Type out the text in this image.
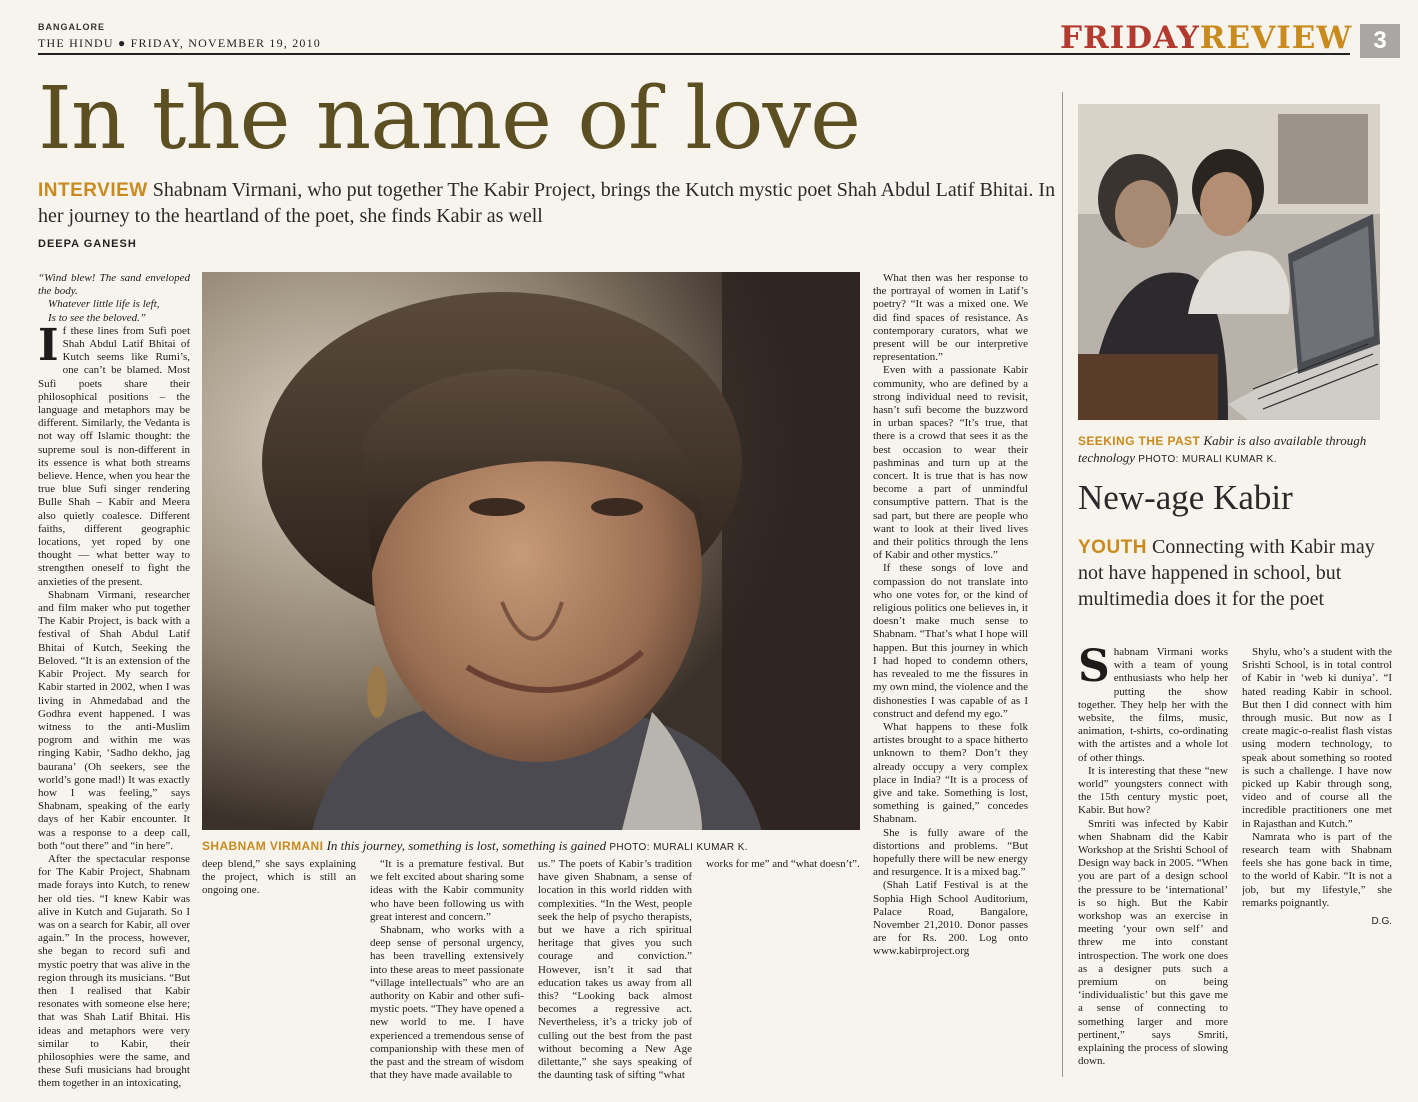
BANGALORE
THE HINDU ● FRIDAY, NOVEMBER 19, 2010	FRIDAYREVIEW 3
In the name of love
INTERVIEW Shabnam Virmani, who put together The Kabir Project, brings the Kutch mystic poet Shah Abdul Latif Bhitai. In her journey to the heartland of the poet, she finds Kabir as well
DEEPA GANESH
SHABNAM VIRMANI In this journey, something is lost, something is gained PHOTO: MURALI KUMAR K.

“Wind blew! The sand enveloped the body.

Whatever little life is left,

Is to see the beloved.”

If these lines from Sufi poet Shah Abdul Latif Bhitai of Kutch seems like Rumi’s, one can’t be blamed. Most Sufi poets share their philosophical positions – the language and metaphors may be different. Similarly, the Vedanta is not way off Islamic thought: the supreme soul is non-different in its essence is what both streams believe. Hence, when you hear the true blue Sufi singer rendering Bulle Shah – Kabir and Meera also quietly coalesce. Different faiths, different geographic locations, yet roped by one thought — what better way to strengthen oneself to fight the anxieties of the present.

Shabnam Virmani, researcher and film maker who put together The Kabir Project, is back with a festival of Shah Abdul Latif Bhitai of Kutch, Seeking the Beloved. “It is an extension of the Kabir Project. My search for Kabir started in 2002, when I was living in Ahmedabad and the Godhra event happened. I was witness to the anti-Muslim pogrom and within me was ringing Kabir, ‘Sadho dekho, jag baurana’ (Oh seekers, see the world’s gone mad!) It was exactly how I was feeling,” says Shabnam, speaking of the early days of her Kabir encounter. It was a response to a deep call, both “out there” and “in here”.

After the spectacular response for The Kabir Project, Shabnam made forays into Kutch, to renew her old ties. “I knew Kabir was alive in Kutch and Gujarath. So I was on a search for Kabir, all over again.” In the process, however, she began to record sufi and mystic poetry that was alive in the region through its musicians. “But then I realised that Kabir resonates with someone else here; that was Shah Latif Bhitai. His ideas and metaphors were very similar to Kabir, their philosophies were the same, and these Sufi musicians had brought them together in an intoxicating,

deep blend,” she says explaining the project, which is still an ongoing one.

“It is a premature festival. But we felt excited about sharing some ideas with the Kabir community who have been following us with great interest and concern.”

Shabnam, who works with a deep sense of personal urgency, has been travelling extensively into these areas to meet passionate “village intellectuals” who are an authority on Kabir and other sufi-mystic poets. “They have opened a new world to me. I have experienced a tremendous sense of companionship with these men of the past and the stream of wisdom that they have made available to

us.” The poets of Kabir’s tradition have given Shabnam, a sense of location in this world ridden with complexities. “In the West, people seek the help of psycho therapists, but we have a rich spiritual heritage that gives you such courage and conviction.” However, isn’t it sad that education takes us away from all this? “Looking back almost becomes a regressive act. Nevertheless, it’s a tricky job of culling out the best from the past without becoming a New Age dilettante,” she says speaking of the daunting task of sifting “what

works for me” and “what doesn’t”.

What then was her response to the portrayal of women in Latif’s poetry? “It was a mixed one. We did find spaces of resistance. As contemporary curators, what we present will be our interpretive representation.”

Even with a passionate Kabir community, who are defined by a strong individual need to revisit, hasn’t sufi become the buzzword in urban spaces? “It’s true, that there is a crowd that sees it as the best occasion to wear their pashminas and turn up at the concert. It is true that is has now become a part of unmindful consumptive pattern. That is the sad part, but there are people who want to look at their lived lives and their politics through the lens of Kabir and other mystics.”

If these songs of love and compassion do not translate into who one votes for, or the kind of religious politics one believes in, it doesn’t make much sense to Shabnam. “That’s what I hope will happen. But this journey in which I had hoped to condemn others, has revealed to me the fissures in my own mind, the violence and the dishonesties I was capable of as I construct and defend my ego.”

What happens to these folk artistes brought to a space hitherto unknown to them? Don’t they already occupy a very complex place in India? “It is a process of give and take. Something is lost, something is gained,” concedes Shabnam.

She is fully aware of the distortions and problems. “But hopefully there will be new energy and resurgence. It is a mixed bag.”

(Shah Latif Festival is at the Sophia High School Auditorium, Palace Road, Bangalore, November 21,2010. Donor passes are for Rs. 200. Log onto www.kabirproject.org

SEEKING THE PAST Kabir is also available through technology PHOTO: MURALI KUMAR K.
New-age Kabir
YOUTH Connecting with Kabir may not have happened in school, but multimedia does it for the poet

Shabnam Virmani works with a team of young enthusiasts who help her putting the show together. They help her with the website, the films, music, animation, t-shirts, co-ordinating with the artistes and a whole lot of other things.

It is interesting that these “new world” youngsters connect with the 15th century mystic poet, Kabir. But how?

Smriti was infected by Kabir when Shabnam did the Kabir Workshop at the Srishti School of Design way back in 2005. “When you are part of a design school the pressure to be ‘international’ is so high. But the Kabir workshop was an exercise in meeting ‘your own self’ and threw me into constant introspection. The work one does as a designer puts such a premium on being ‘individualistic’ but this gave me a sense of connecting to something larger and more pertinent,” says Smriti, explaining the process of slowing down.

Shylu, who’s a student with the Srishti School, is in total control of Kabir in ‘web ki duniya’. “I hated reading Kabir in school. But then I did connect with him through music. But now as I create magic-o-realist flash vistas using modern technology, to speak about something so rooted is such a challenge. I have now picked up Kabir through song, video and of course all the incredible practitioners one met in Rajasthan and Kutch.”

Namrata who is part of the research team with Shabnam feels she has gone back in time, to the world of Kabir. “It is not a job, but my lifestyle,” she remarks poignantly.

D.G.
